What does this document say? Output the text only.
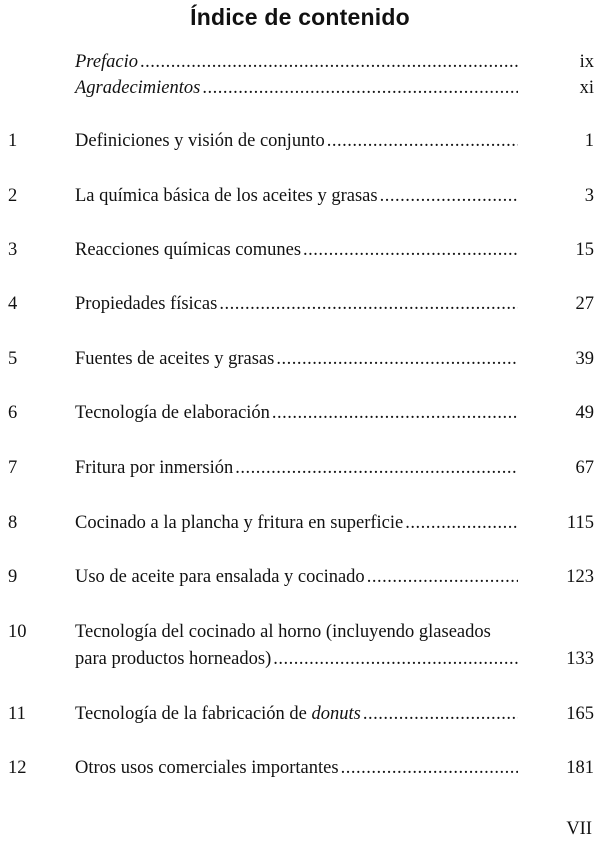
Índice de contenido
Prefacio .....	ix
Agradecimientos .....	xi
1	Definiciones y visión de conjunto .....	1
2	La química básica de los aceites y grasas .....	3
3	Reacciones químicas comunes .....	15
4	Propiedades físicas .....	27
5	Fuentes de aceites y grasas .....	39
6	Tecnología de elaboración .....	49
7	Fritura por inmersión .....	67
8	Cocinado a la plancha y fritura en superficie .....	115
9	Uso de aceite para ensalada y cocinado .....	123
10	Tecnología del cocinado al horno (incluyendo glaseados
para productos horneados) .....	133
11	Tecnología de la fabricación de donuts .....	165
12	Otros usos comerciales importantes .....	181
VII
